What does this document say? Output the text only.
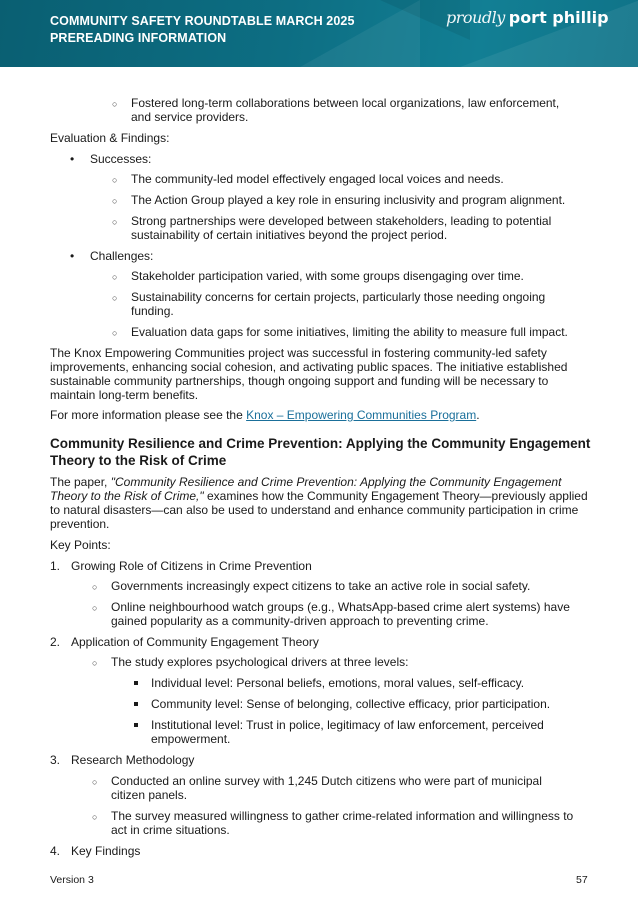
COMMUNITY SAFETY ROUNDTABLE MARCH 2025
PREREADING INFORMATION
proudly port phillip
○ Fostered long-term collaborations between local organizations, law enforcement, and service providers.
Evaluation & Findings:
• Successes:
○ The community-led model effectively engaged local voices and needs.
○ The Action Group played a key role in ensuring inclusivity and program alignment.
○ Strong partnerships were developed between stakeholders, leading to potential sustainability of certain initiatives beyond the project period.
• Challenges:
○ Stakeholder participation varied, with some groups disengaging over time.
○ Sustainability concerns for certain projects, particularly those needing ongoing funding.
○ Evaluation data gaps for some initiatives, limiting the ability to measure full impact.
The Knox Empowering Communities project was successful in fostering community-led safety improvements, enhancing social cohesion, and activating public spaces. The initiative established sustainable community partnerships, though ongoing support and funding will be necessary to maintain long-term benefits.
For more information please see the Knox – Empowering Communities Program.
Community Resilience and Crime Prevention: Applying the Community Engagement Theory to the Risk of Crime
The paper, "Community Resilience and Crime Prevention: Applying the Community Engagement Theory to the Risk of Crime," examines how the Community Engagement Theory—previously applied to natural disasters—can also be used to understand and enhance community participation in crime prevention.
Key Points:
1. Growing Role of Citizens in Crime Prevention
○ Governments increasingly expect citizens to take an active role in social safety.
○ Online neighbourhood watch groups (e.g., WhatsApp-based crime alert systems) have gained popularity as a community-driven approach to preventing crime.
2. Application of Community Engagement Theory
○ The study explores psychological drivers at three levels:
Individual level: Personal beliefs, emotions, moral values, self-efficacy.
Community level: Sense of belonging, collective efficacy, prior participation.
Institutional level: Trust in police, legitimacy of law enforcement, perceived empowerment.
3. Research Methodology
○ Conducted an online survey with 1,245 Dutch citizens who were part of municipal citizen panels.
○ The survey measured willingness to gather crime-related information and willingness to act in crime situations.
4. Key Findings
Version 3	57
